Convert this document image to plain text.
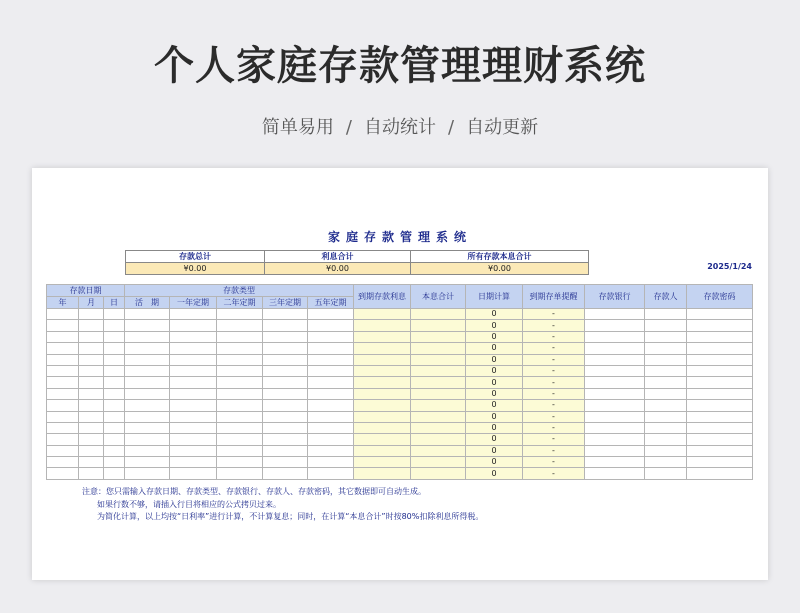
个人家庭存款管理理财系统
简单易用 / 自动统计 / 自动更新
家庭存款管理系统
存款总计	利息合计	所有存款本息合计
¥0.00	¥0.00	¥0.00	2025/1/24
存款日期			存款类型					到期存款利息	本息合计	日期计算	到期存单提醒	存款银行	存款人	存款密码
年	月	日	活　期	一年定期	二年定期	三年定期	五年定期							
										0	-			
										0	-			
										0	-			
										0	-			
										0	-			
										0	-			
										0	-			
										0	-			
										0	-			
										0	-			
										0	-			
										0	-			
										0	-			
										0	-			
										0	-			
注意：您只需输入存款日期、存款类型、存款银行、存款人、存款密码，其它数据即可自动生成。
如果行数不够，请插入行目将相应的公式拷贝过来。
为简化计算，以上均按“日利率”进行计算，不计算复息；同时，在计算“本息合计”时按80%扣除利息所得税。
